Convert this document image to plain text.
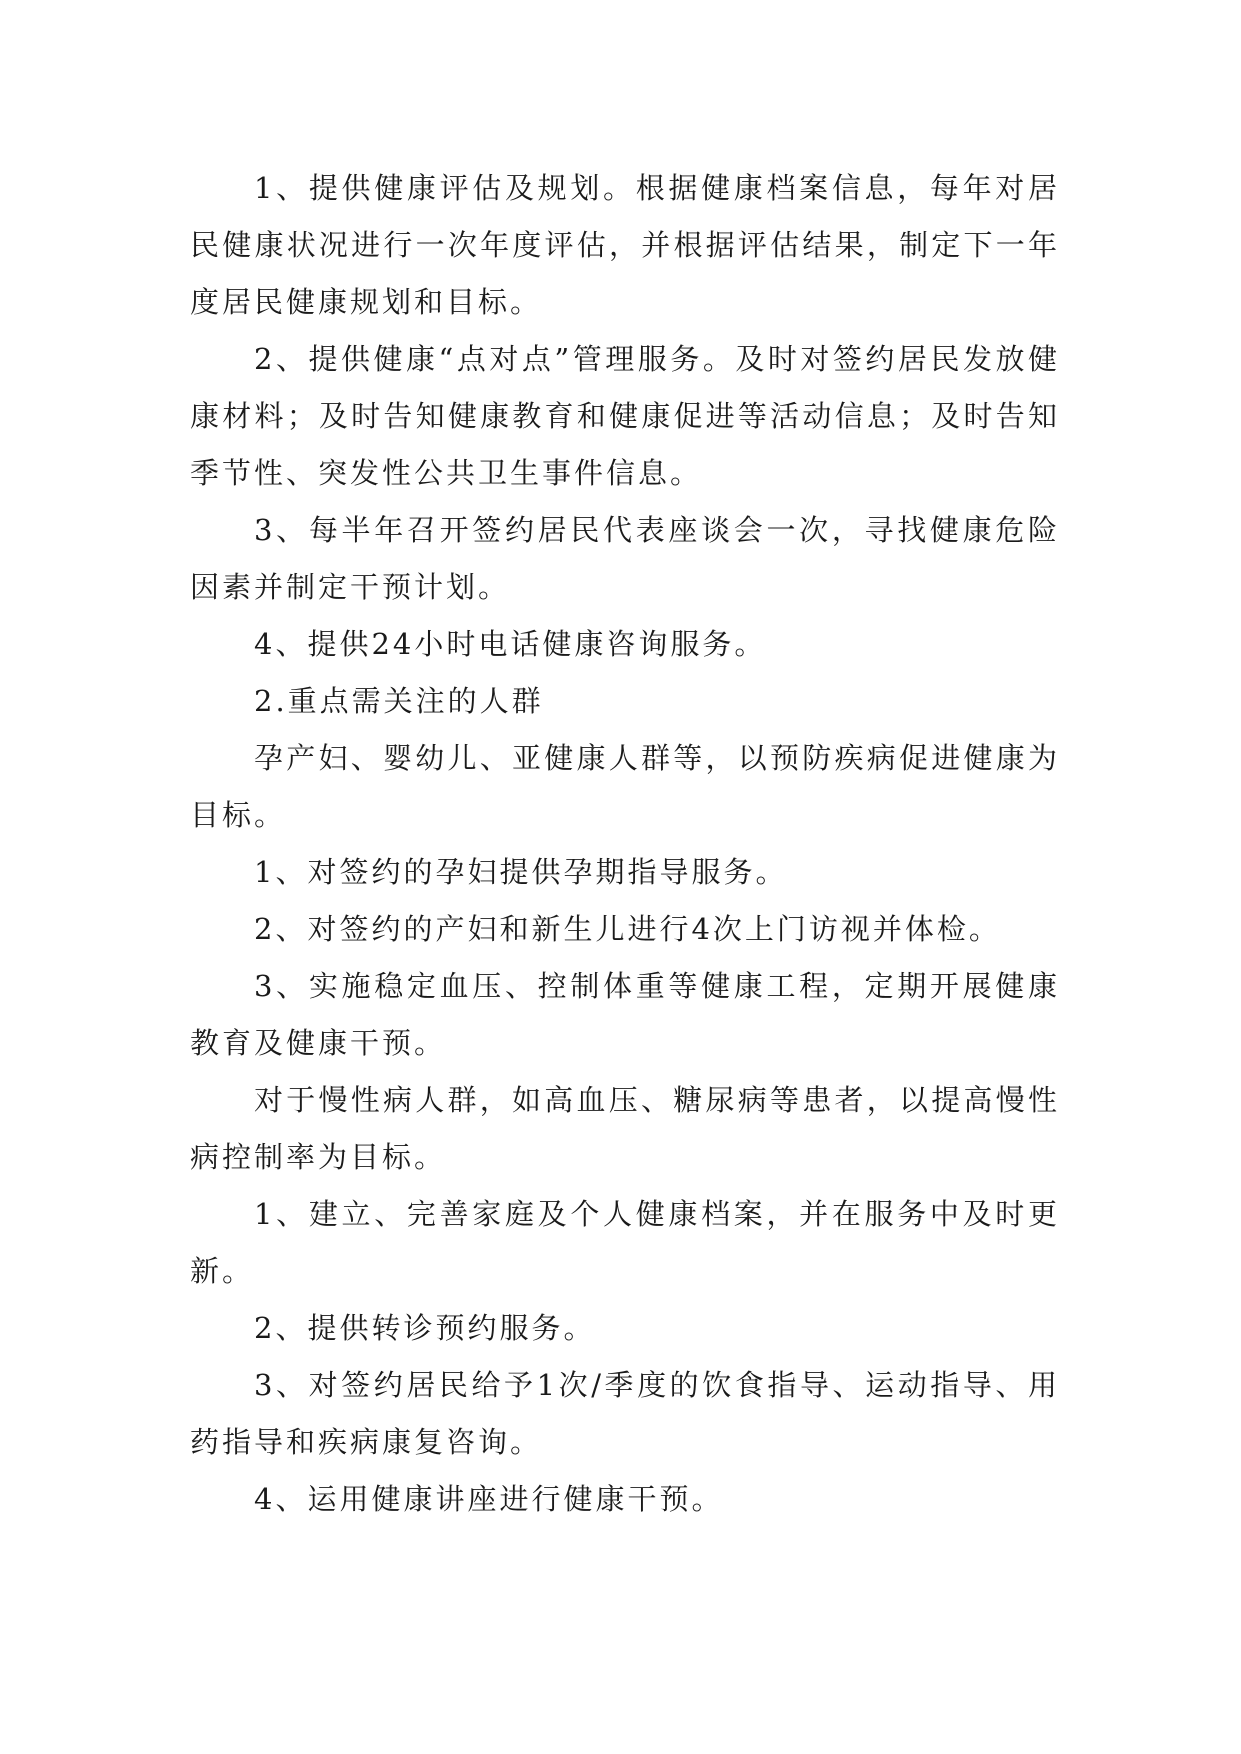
1、提供健康评估及规划。根据健康档案信息，每年对居民健康状况进行一次年度评估，并根据评估结果，制定下一年度居民健康规划和目标。

2、提供健康“点对点”管理服务。及时对签约居民发放健康材料；及时告知健康教育和健康促进等活动信息；及时告知季节性、突发性公共卫生事件信息。

3、每半年召开签约居民代表座谈会一次，寻找健康危险因素并制定干预计划。

4、提供24小时电话健康咨询服务。

2.重点需关注的人群

孕产妇、婴幼儿、亚健康人群等，以预防疾病促进健康为目标。

1、对签约的孕妇提供孕期指导服务。

2、对签约的产妇和新生儿进行4次上门访视并体检。

3、实施稳定血压、控制体重等健康工程，定期开展健康教育及健康干预。

对于慢性病人群，如高血压、糖尿病等患者，以提高慢性病控制率为目标。

1、建立、完善家庭及个人健康档案，并在服务中及时更新。

2、提供转诊预约服务。

3、对签约居民给予1次/季度的饮食指导、运动指导、用药指导和疾病康复咨询。

4、运用健康讲座进行健康干预。
